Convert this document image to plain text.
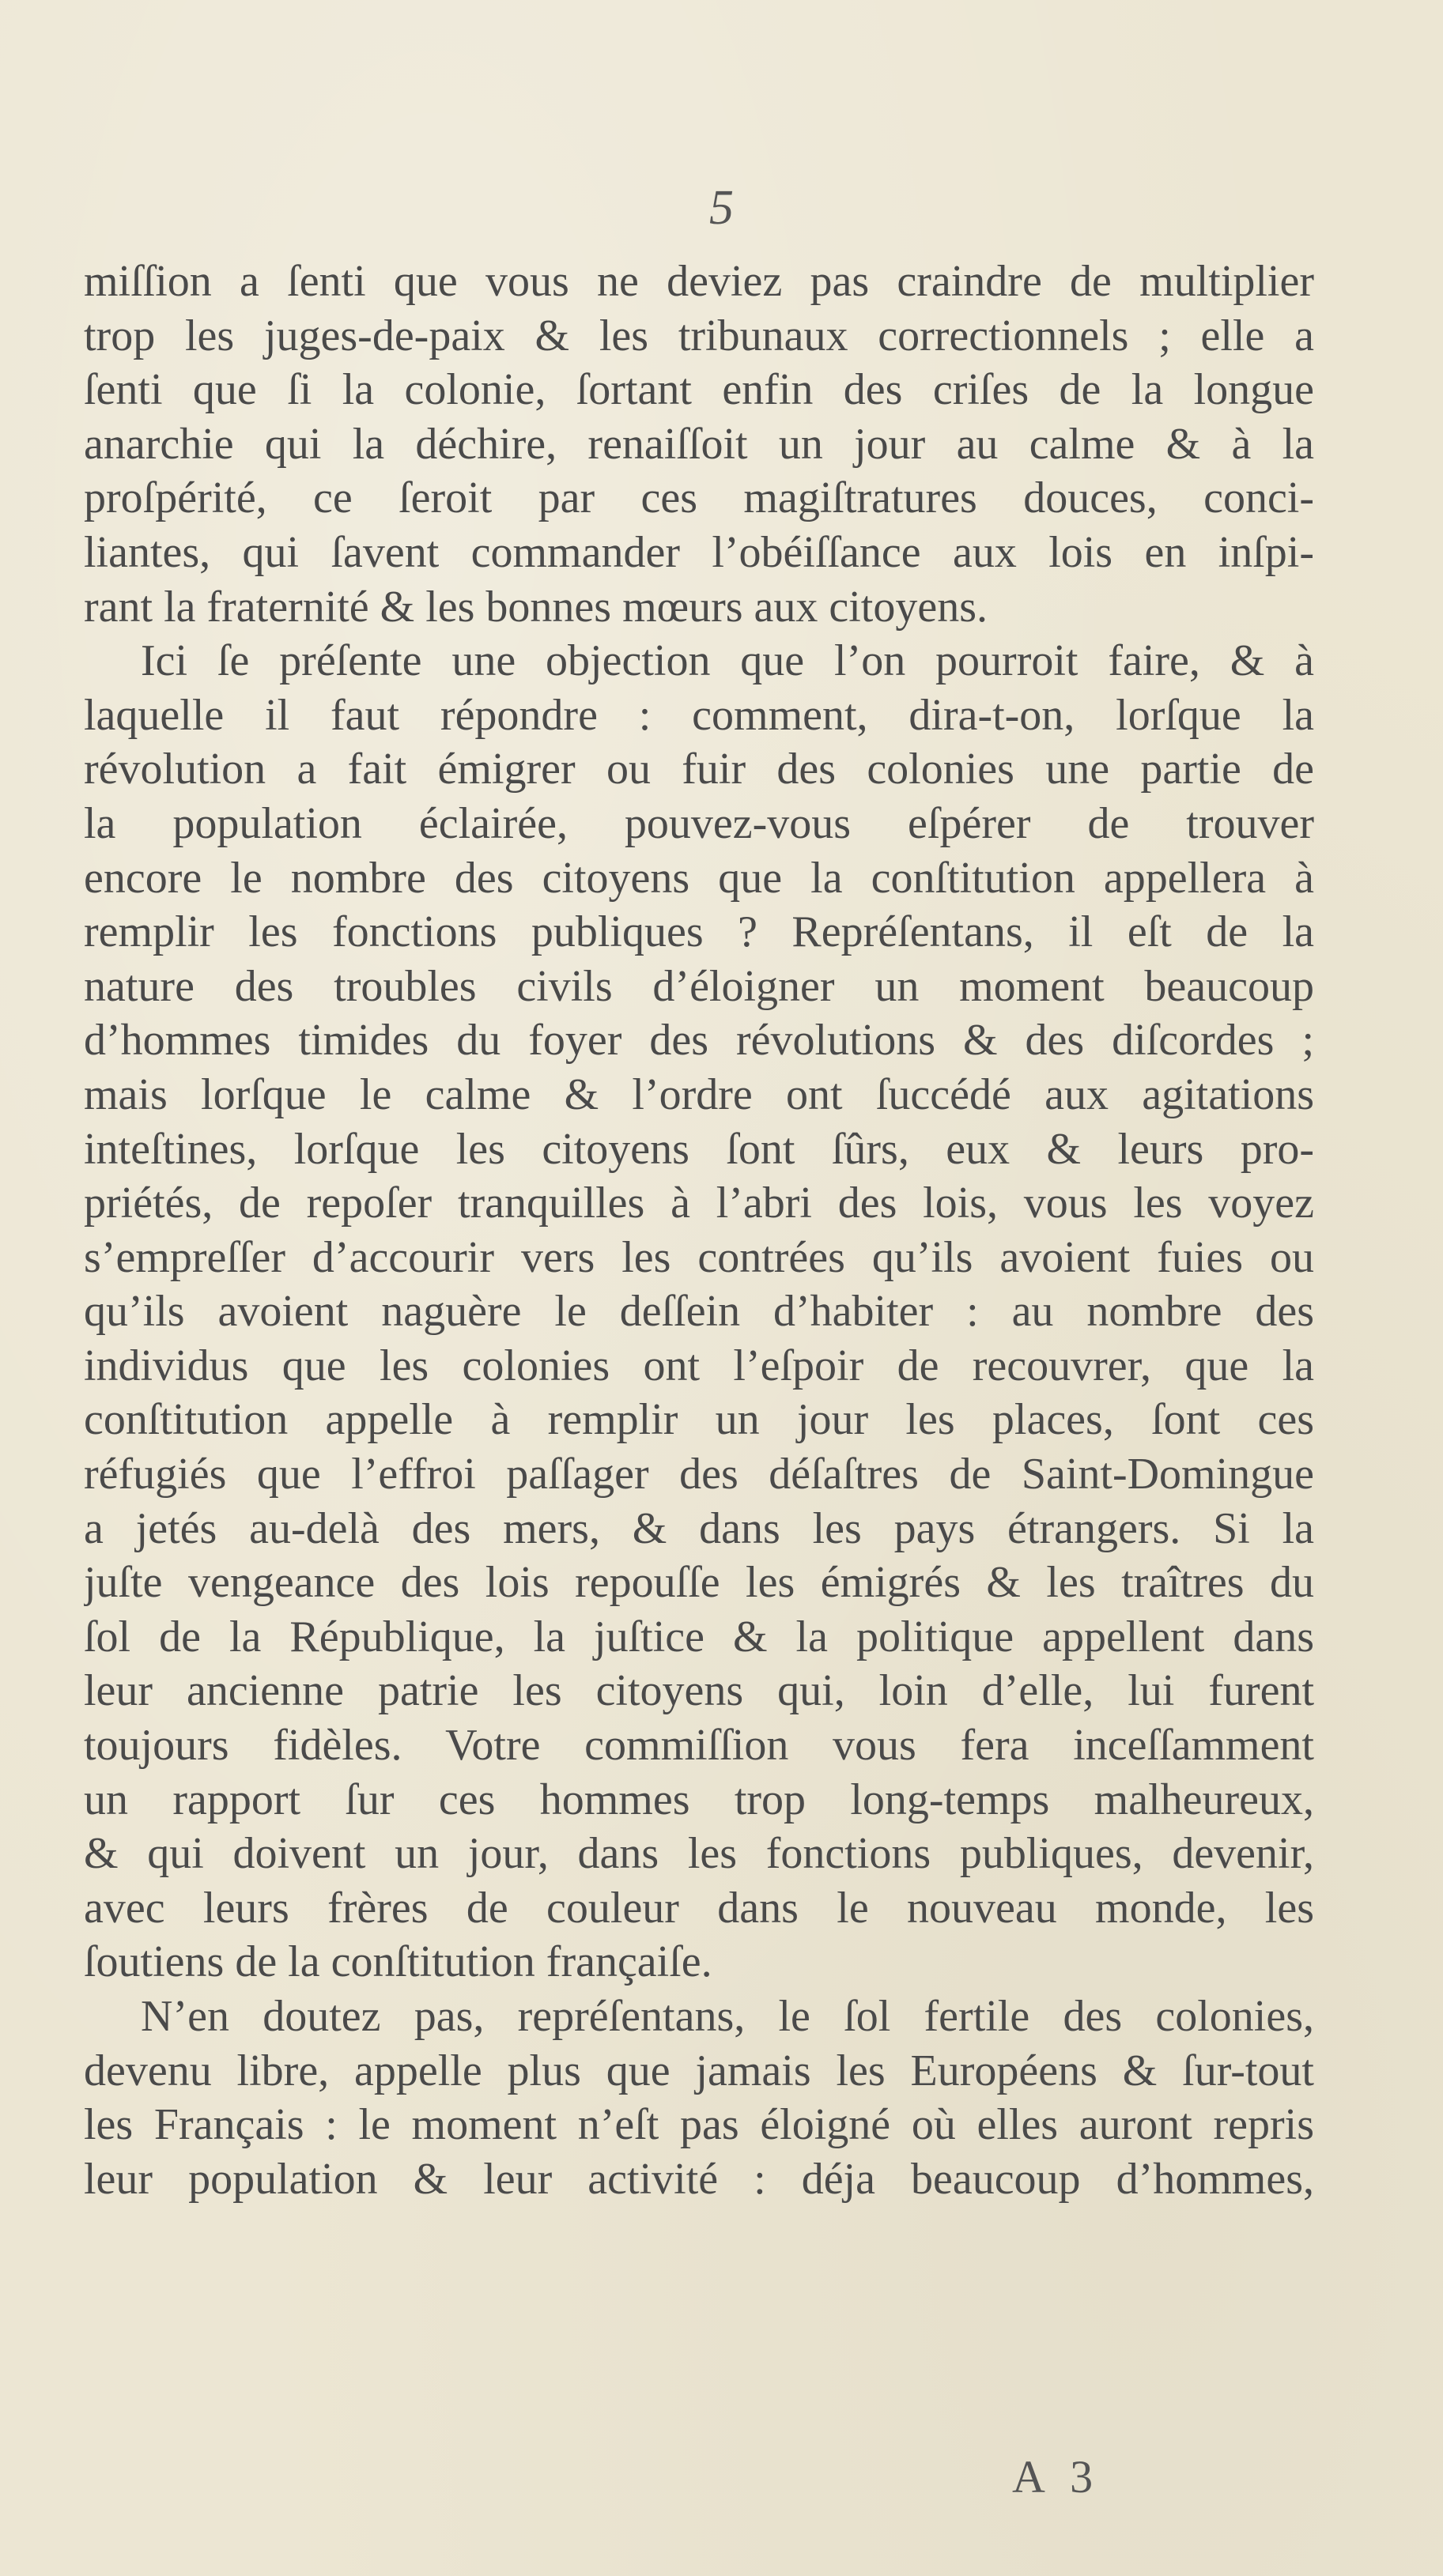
5
miſſion a ſenti que vous ne deviez pas craindre de multiplier
trop les juges-de-paix & les tribunaux correctionnels ; elle a
ſenti que ſi la colonie, ſortant enfin des criſes de la longue
anarchie qui la déchire, renaiſſoit un jour au calme & à la
proſpérité, ce ſeroit par ces magiſtratures douces, conci-
liantes, qui ſavent commander l’obéiſſance aux lois en inſpi-
rant la fraternité & les bonnes mœurs aux citoyens.
Ici ſe préſente une objection que l’on pourroit faire, & à
laquelle il faut répondre : comment, dira-t-on, lorſque la
révolution a fait émigrer ou fuir des colonies une partie de
la population éclairée, pouvez-vous eſpérer de trouver
encore le nombre des citoyens que la conſtitution appellera à
remplir les fonctions publiques ? Repréſentans, il eſt de la
nature des troubles civils d’éloigner un moment beaucoup
d’hommes timides du foyer des révolutions & des diſcordes ;
mais lorſque le calme & l’ordre ont ſuccédé aux agitations
inteſtines, lorſque les citoyens ſont ſûrs, eux & leurs pro-
priétés, de repoſer tranquilles à l’abri des lois, vous les voyez
s’empreſſer d’accourir vers les contrées qu’ils avoient fuies ou
qu’ils avoient naguère le deſſein d’habiter : au nombre des
individus que les colonies ont l’eſpoir de recouvrer, que la
conſtitution appelle à remplir un jour les places, ſont ces
réfugiés que l’effroi paſſager des déſaſtres de Saint-Domingue
a jetés au-delà des mers, & dans les pays étrangers. Si la
juſte vengeance des lois repouſſe les émigrés & les traîtres du
ſol de la République, la juſtice & la politique appellent dans
leur ancienne patrie les citoyens qui, loin d’elle, lui furent
toujours fidèles. Votre commiſſion vous fera inceſſamment
un rapport ſur ces hommes trop long-temps malheureux,
& qui doivent un jour, dans les fonctions publiques, devenir,
avec leurs frères de couleur dans le nouveau monde, les
ſoutiens de la conſtitution françaiſe.
N’en doutez pas, repréſentans, le ſol fertile des colonies,
devenu libre, appelle plus que jamais les Européens & ſur-tout
les Français : le moment n’eſt pas éloigné où elles auront repris
leur population & leur activité : déja beaucoup d’hommes,
A 3
